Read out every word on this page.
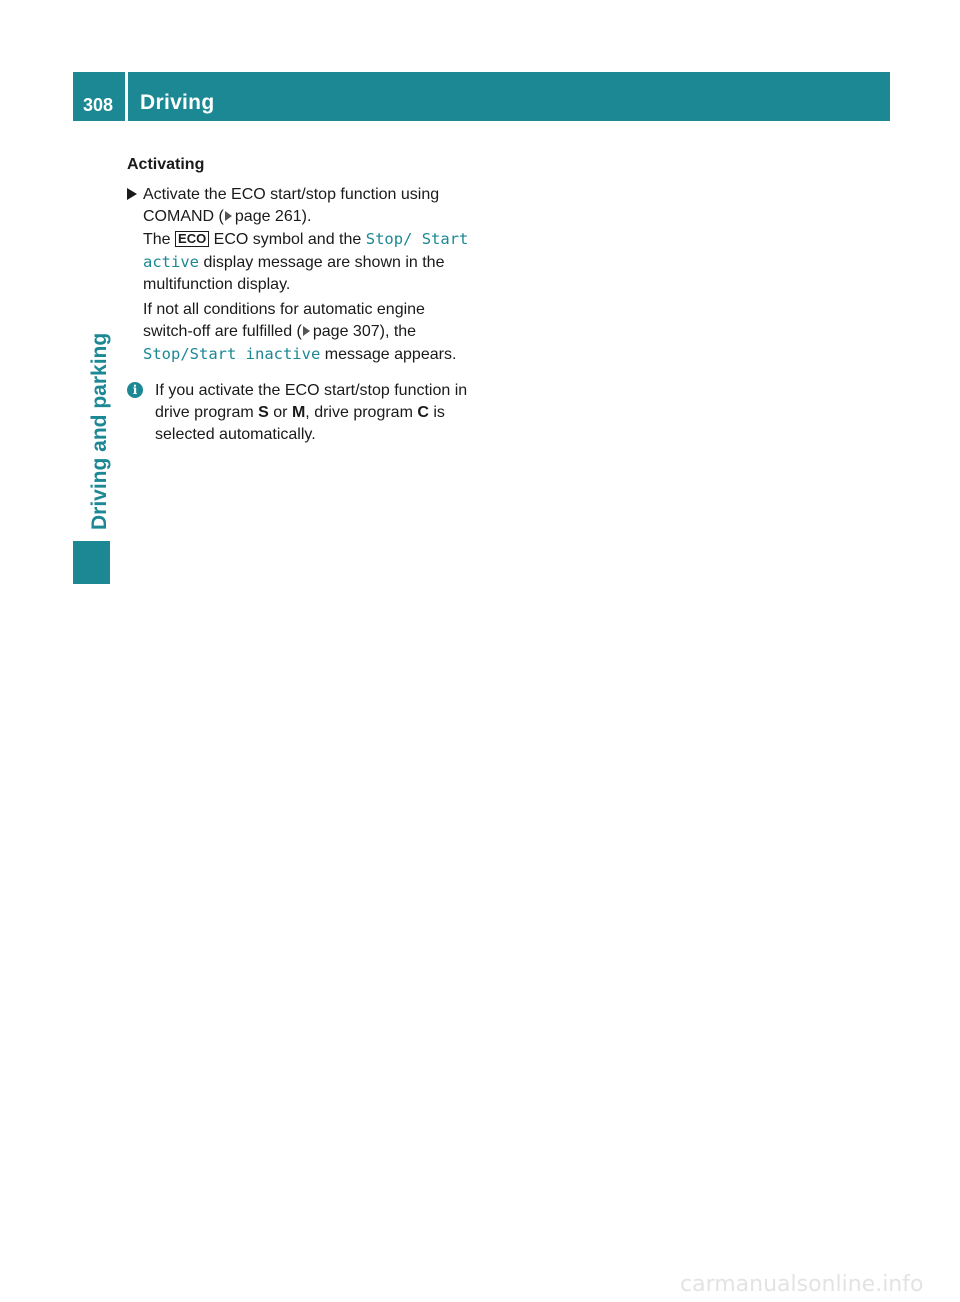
308 Driving
Driving and parking
Activating
Activate the ECO start/stop function using COMAND ( page 261).
The ECO ECO symbol and the Stop/ Start active display message are shown in the multifunction display.

If not all conditions for automatic engine switch-off are fulfilled ( page 307), the
Stop/Start inactive message appears.

i	If you activate the ECO start/stop function in drive program S or M, drive program C is selected automatically.
carmanualsonline.info
